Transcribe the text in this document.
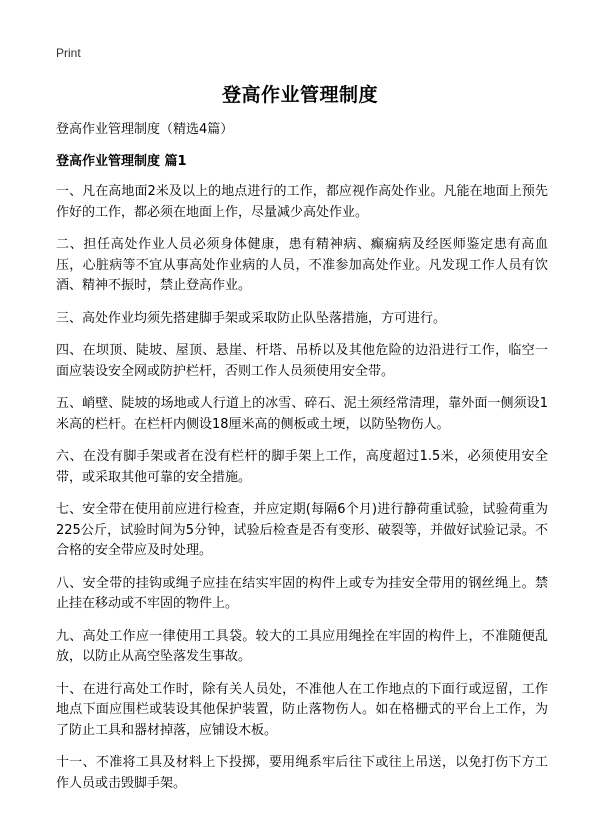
Print
登高作业管理制度

登高作业管理制度（精选4篇）

登高作业管理制度 篇1

一、凡在高地面2米及以上的地点进行的工作，都应视作高处作业。凡能在地面上预先作好的工作，都必须在地面上作，尽量减少高处作业。

二、担任高处作业人员必须身体健康，患有精神病、癫痫病及经医师鉴定患有高血压，心脏病等不宜从事高处作业病的人员，不准参加高处作业。凡发现工作人员有饮酒、精神不振时，禁止登高作业。

三、高处作业均须先搭建脚手架或采取防止队坠落措施，方可进行。

四、在坝顶、陡坡、屋顶、悬崖、杆塔、吊桥以及其他危险的边沿进行工作，临空一面应装设安全网或防护栏杆，否则工作人员须使用安全带。

五、峭壁、陡坡的场地或人行道上的冰雪、碎石、泥土须经常清理，靠外面一侧须设1米高的栏杆。在栏杆内侧设18厘米高的侧板或土埂，以防坠物伤人。

六、在没有脚手架或者在没有栏杆的脚手架上工作，高度超过1.5米，必须使用安全带，或采取其他可靠的安全措施。

七、安全带在使用前应进行检查，并应定期(每隔6个月)进行静荷重试验，试验荷重为225公斤，试验时间为5分钟，试验后检查是否有变形、破裂等，并做好试验记录。不合格的安全带应及时处理。

八、安全带的挂钩或绳子应挂在结实牢固的构件上或专为挂安全带用的钢丝绳上。禁止挂在移动或不牢固的物件上。

九、高处工作应一律使用工具袋。较大的工具应用绳拴在牢固的构件上，不准随便乱放，以防止从高空坠落发生事故。

十、在进行高处工作时，除有关人员处，不准他人在工作地点的下面行或逗留，工作地点下面应围栏或装设其他保护装置，防止落物伤人。如在格栅式的平台上工作，为了防止工具和器材掉落，应铺设木板。

十一、不准将工具及材料上下投掷，要用绳系牢后往下或往上吊送，以免打伤下方工作人员或击毁脚手架。
